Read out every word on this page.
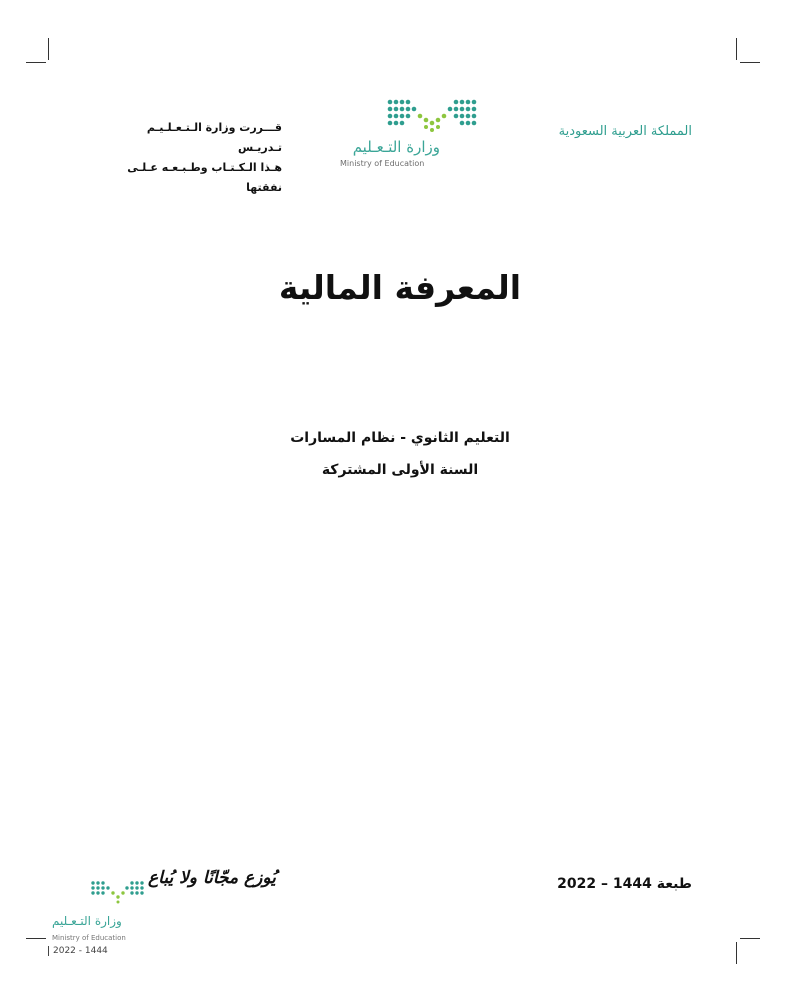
المملكة العربية السعودية
وزارة التـعـليم
Ministry of Education
قـــررت وزارة الـتـعـلـيـم تـدريـس
هـذا الـكـتـاب وطـبـعـه عـلـى نفقتها
المعرفة المالية
التعليم الثانوي - نظام المسارات
السنة الأولى المشتركة
طبعة 1444 – 2022
يُوزع مجّانًا ولا يُباع
وزارة التـعـليم
Ministry of Education
2022 - 1444
